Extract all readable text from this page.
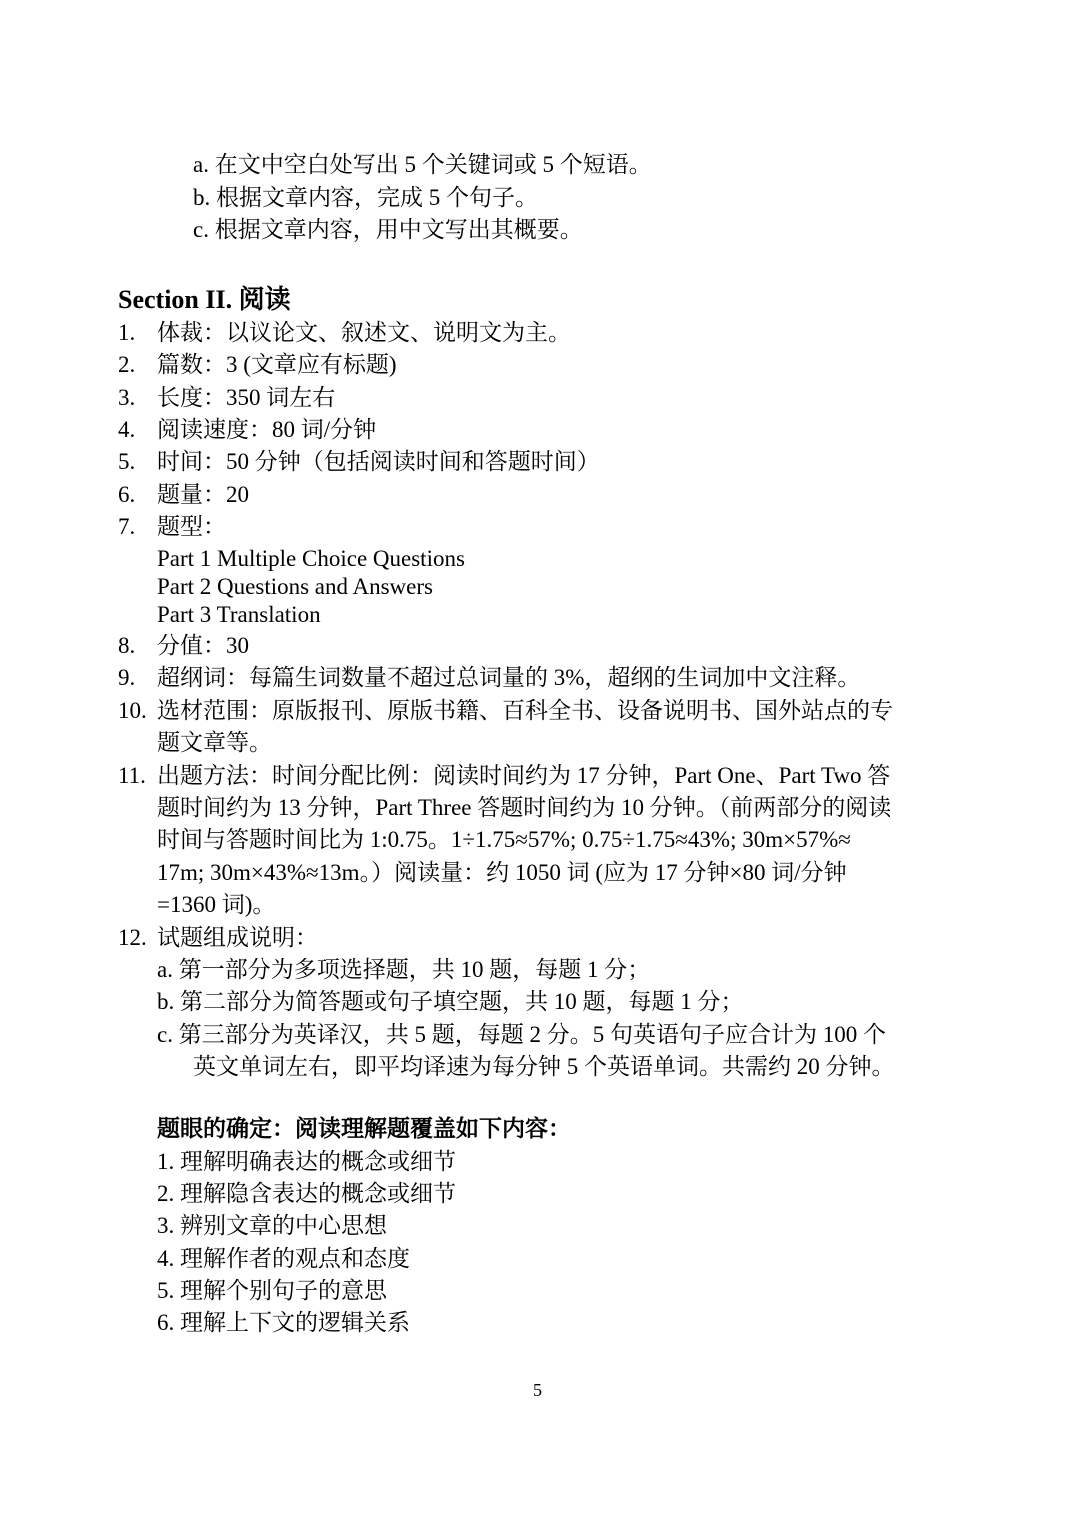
a. 在文中空白处写出 5 个关键词或 5 个短语。
b. 根据文章内容，完成 5 个句子。
c. 根据文章内容，用中文写出其概要。
Section II. 阅读
1. 体裁：以议论文、叙述文、说明文为主。
2. 篇数：3 (文章应有标题)
3. 长度：350 词左右
4. 阅读速度：80 词/分钟
5. 时间：50 分钟（包括阅读时间和答题时间）
6. 题量：20
7. 题型：
Part 1 Multiple Choice Questions
Part 2 Questions and Answers
Part 3 Translation
8. 分值：30
9. 超纲词：每篇生词数量不超过总词量的 3%，超纲的生词加中文注释。
10. 选材范围：原版报刊、原版书籍、百科全书、设备说明书、国外站点的专
题文章等。
11. 出题方法：时间分配比例：阅读时间约为 17 分钟，Part One、Part Two 答
题时间约为 13 分钟，Part Three 答题时间约为 10 分钟。（前两部分的阅读
时间与答题时间比为 1:0.75。1÷1.75≈57%; 0.75÷1.75≈43%; 30m×57%≈
17m; 30m×43%≈13m。）阅读量：约 1050 词 (应为 17 分钟×80 词/分钟
=1360 词)。
12. 试题组成说明：
a. 第一部分为多项选择题，共 10 题，每题 1 分；
b. 第二部分为简答题或句子填空题，共 10 题，每题 1 分；
c. 第三部分为英译汉，共 5 题，每题 2 分。5 句英语句子应合计为 100 个
英文单词左右，即平均译速为每分钟 5 个英语单词。共需约 20 分钟。
题眼的确定：阅读理解题覆盖如下内容：
1. 理解明确表达的概念或细节
2. 理解隐含表达的概念或细节
3. 辨别文章的中心思想
4. 理解作者的观点和态度
5. 理解个别句子的意思
6. 理解上下文的逻辑关系
5
